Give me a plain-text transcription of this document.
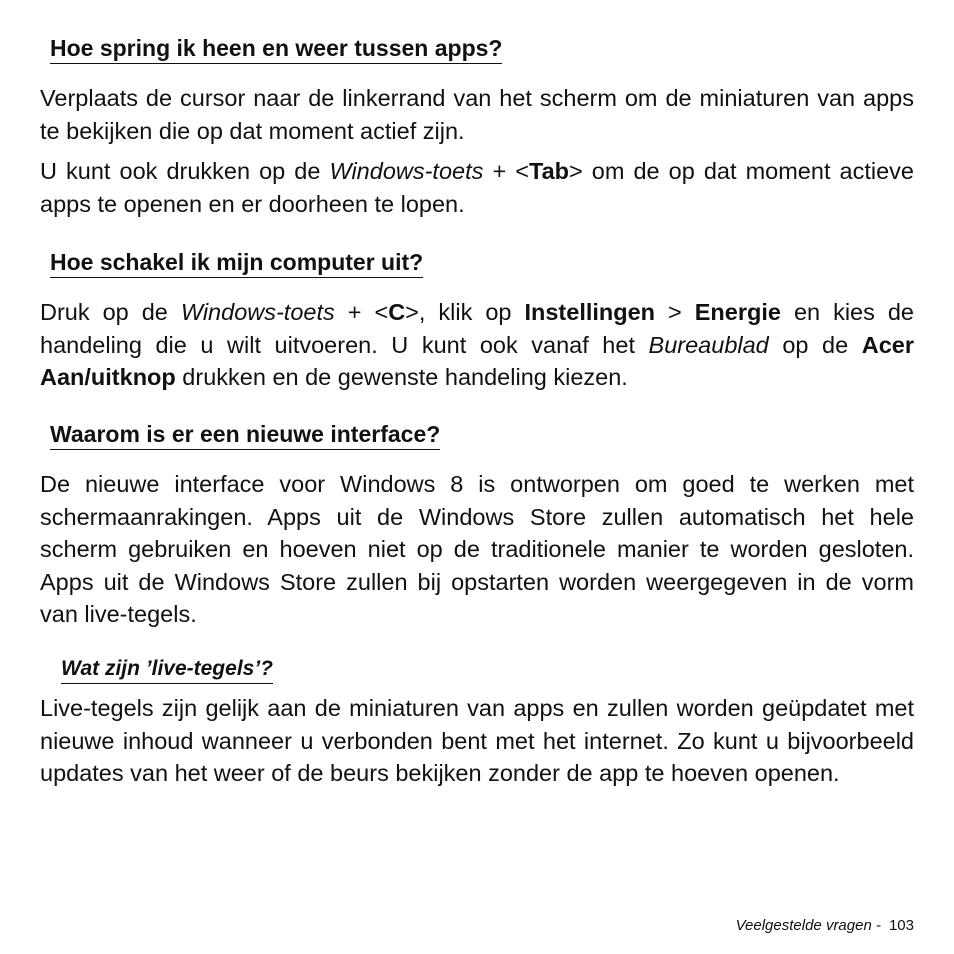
Hoe spring ik heen en weer tussen apps?

Verplaats de cursor naar de linkerrand van het scherm om de miniaturen van apps te bekijken die op dat moment actief zijn.

U kunt ook drukken op de Windows-toets + <Tab> om de op dat moment actieve apps te openen en er doorheen te lopen.

Hoe schakel ik mijn computer uit?

Druk op de Windows-toets + <C>, klik op Instellingen > Energie en kies de handeling die u wilt uitvoeren. U kunt ook vanaf het Bureaublad op de Acer Aan/uitknop drukken en de gewenste handeling kiezen.

Waarom is er een nieuwe interface?

De nieuwe interface voor Windows 8 is ontworpen om goed te werken met schermaanrakingen. Apps uit de Windows Store zullen automatisch het hele scherm gebruiken en hoeven niet op de traditionele manier te worden gesloten. Apps uit de Windows Store zullen bij opstarten worden weergegeven in de vorm van live-tegels.

Wat zijn ’live-tegels’?

Live-tegels zijn gelijk aan de miniaturen van apps en zullen worden geüpdatet met nieuwe inhoud wanneer u verbonden bent met het internet. Zo kunt u bijvoorbeeld updates van het weer of de beurs bekijken zonder de app te hoeven openen.

Veelgestelde vragen - 103
